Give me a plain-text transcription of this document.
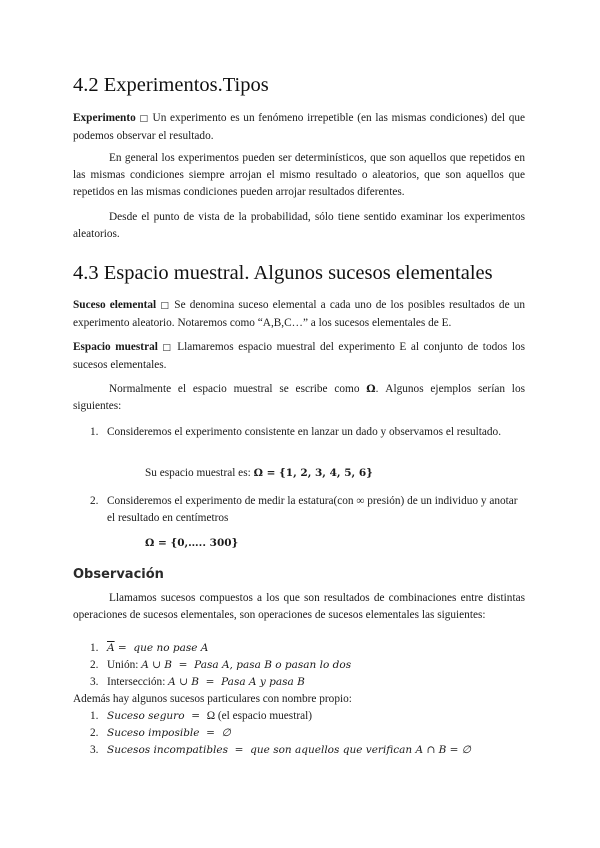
4.2 Experimentos.Tipos

Experimento □ Un experimento es un fenómeno irrepetible (en las mismas condiciones) del que podemos observar el resultado.

En general los experimentos pueden ser determinísticos, que son aquellos que repetidos en las mismas condiciones siempre arrojan el mismo resultado o aleatorios, que son aquellos que repetidos en las mismas condiciones pueden arrojar resultados diferentes.

Desde el punto de vista de la probabilidad, sólo tiene sentido examinar los experimentos aleatorios.

4.3 Espacio muestral. Algunos sucesos elementales

Suceso elemental □ Se denomina suceso elemental a cada uno de los posibles resultados de un experimento aleatorio. Notaremos como “A,B,C…” a los sucesos elementales de E.

Espacio muestral □ Llamaremos espacio muestral del experimento E al conjunto de todos los sucesos elementales.

Normalmente el espacio muestral se escribe como Ω. Algunos ejemplos serían los siguientes:

1. Consideremos el experimento consistente en lanzar un dado y observamos el resultado.

Su espacio muestral es: Ω = {1, 2, 3, 4, 5, 6}

2. Consideremos el experimento de medir la estatura(con ∞ presión) de un individuo y anotar el resultado en centímetros

Ω = {0,….. 300}

Observación

Llamamos sucesos compuestos a los que son resultados de combinaciones entre distintas operaciones de sucesos elementales, son operaciones de sucesos elementales las siguientes:

1. $\overline{A}$ =  que no pase A
2. Unión: A ∪ B  =  Pasa A, pasa B o pasan lo dos
3. Intersección: A ∪ B  =  Pasa A y pasa B

Además hay algunos sucesos particulares con nombre propio:

1. Suceso seguro  =  Ω (el espacio muestral)
2. Suceso imposible  =  ∅
3. Sucesos incompatibles  =  que son aquellos que verifican A ∩ B = ∅
